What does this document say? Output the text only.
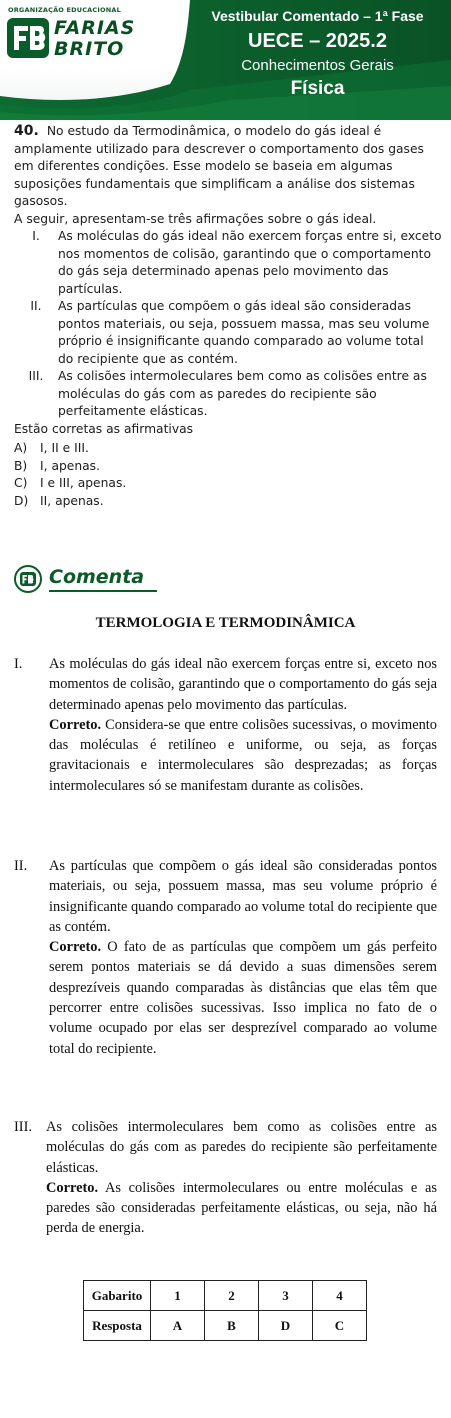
ORGANIZAÇÃO EDUCACIONAL
FARIAS
BRITO
Vestibular Comentado – 1ª Fase
UECE – 2025.2
Conhecimentos Gerais
Física

40. No estudo da Termodinâmica, o modelo do gás ideal é amplamente utilizado para descrever o comportamento dos gases em diferentes condições. Esse modelo se baseia em algumas suposições fundamentais que simplificam a análise dos sistemas gasosos.

A seguir, apresentam-se três afirmações sobre o gás ideal.

I.	As moléculas do gás ideal não exercem forças entre si, exceto nos momentos de colisão, garantindo que o comportamento do gás seja determinado apenas pelo movimento das partículas.
II.	As partículas que compõem o gás ideal são consideradas pontos materiais, ou seja, possuem massa, mas seu volume próprio é insignificante quando comparado ao volume total do recipiente que as contém.
III.	As colisões intermoleculares bem como as colisões entre as moléculas do gás com as paredes do recipiente são perfeitamente elásticas.

Estão corretas as afirmativas

A)	I, II e III.
B)	I, apenas.
C)	I e III, apenas.
D) II, apenas.
Comenta
TERMOLOGIA E TERMODINÂMICA
I.	As moléculas do gás ideal não exercem forças entre si, exceto nos momentos de colisão, garantindo que o comportamento do gás seja determinado apenas pelo movimento das partículas.

Correto. Considera-se que entre colisões sucessivas, o movimento das moléculas é retilíneo e uniforme, ou seja, as forças gravitacionais e intermoleculares são desprezadas; as forças intermoleculares só se manifestam durante as colisões.

II.	As partículas que compõem o gás ideal são consideradas pontos materiais, ou seja, possuem massa, mas seu volume próprio é insignificante quando comparado ao volume total do recipiente que as contém.

Correto. O fato de as partículas que compõem um gás perfeito serem pontos materiais se dá devido a suas dimensões serem desprezíveis quando comparadas às distâncias que elas têm que percorrer entre colisões sucessivas. Isso implica no fato de o volume ocupado por elas ser desprezível comparado ao volume total do recipiente.

III. As colisões intermoleculares bem como as colisões entre as moléculas do gás com as paredes do recipiente são perfeitamente elásticas.

Correto. As colisões intermoleculares ou entre moléculas e as paredes são consideradas perfeitamente elásticas, ou seja, não há perda de energia.

Gabarito	1	2	3	4
Resposta	A	B	D	C
